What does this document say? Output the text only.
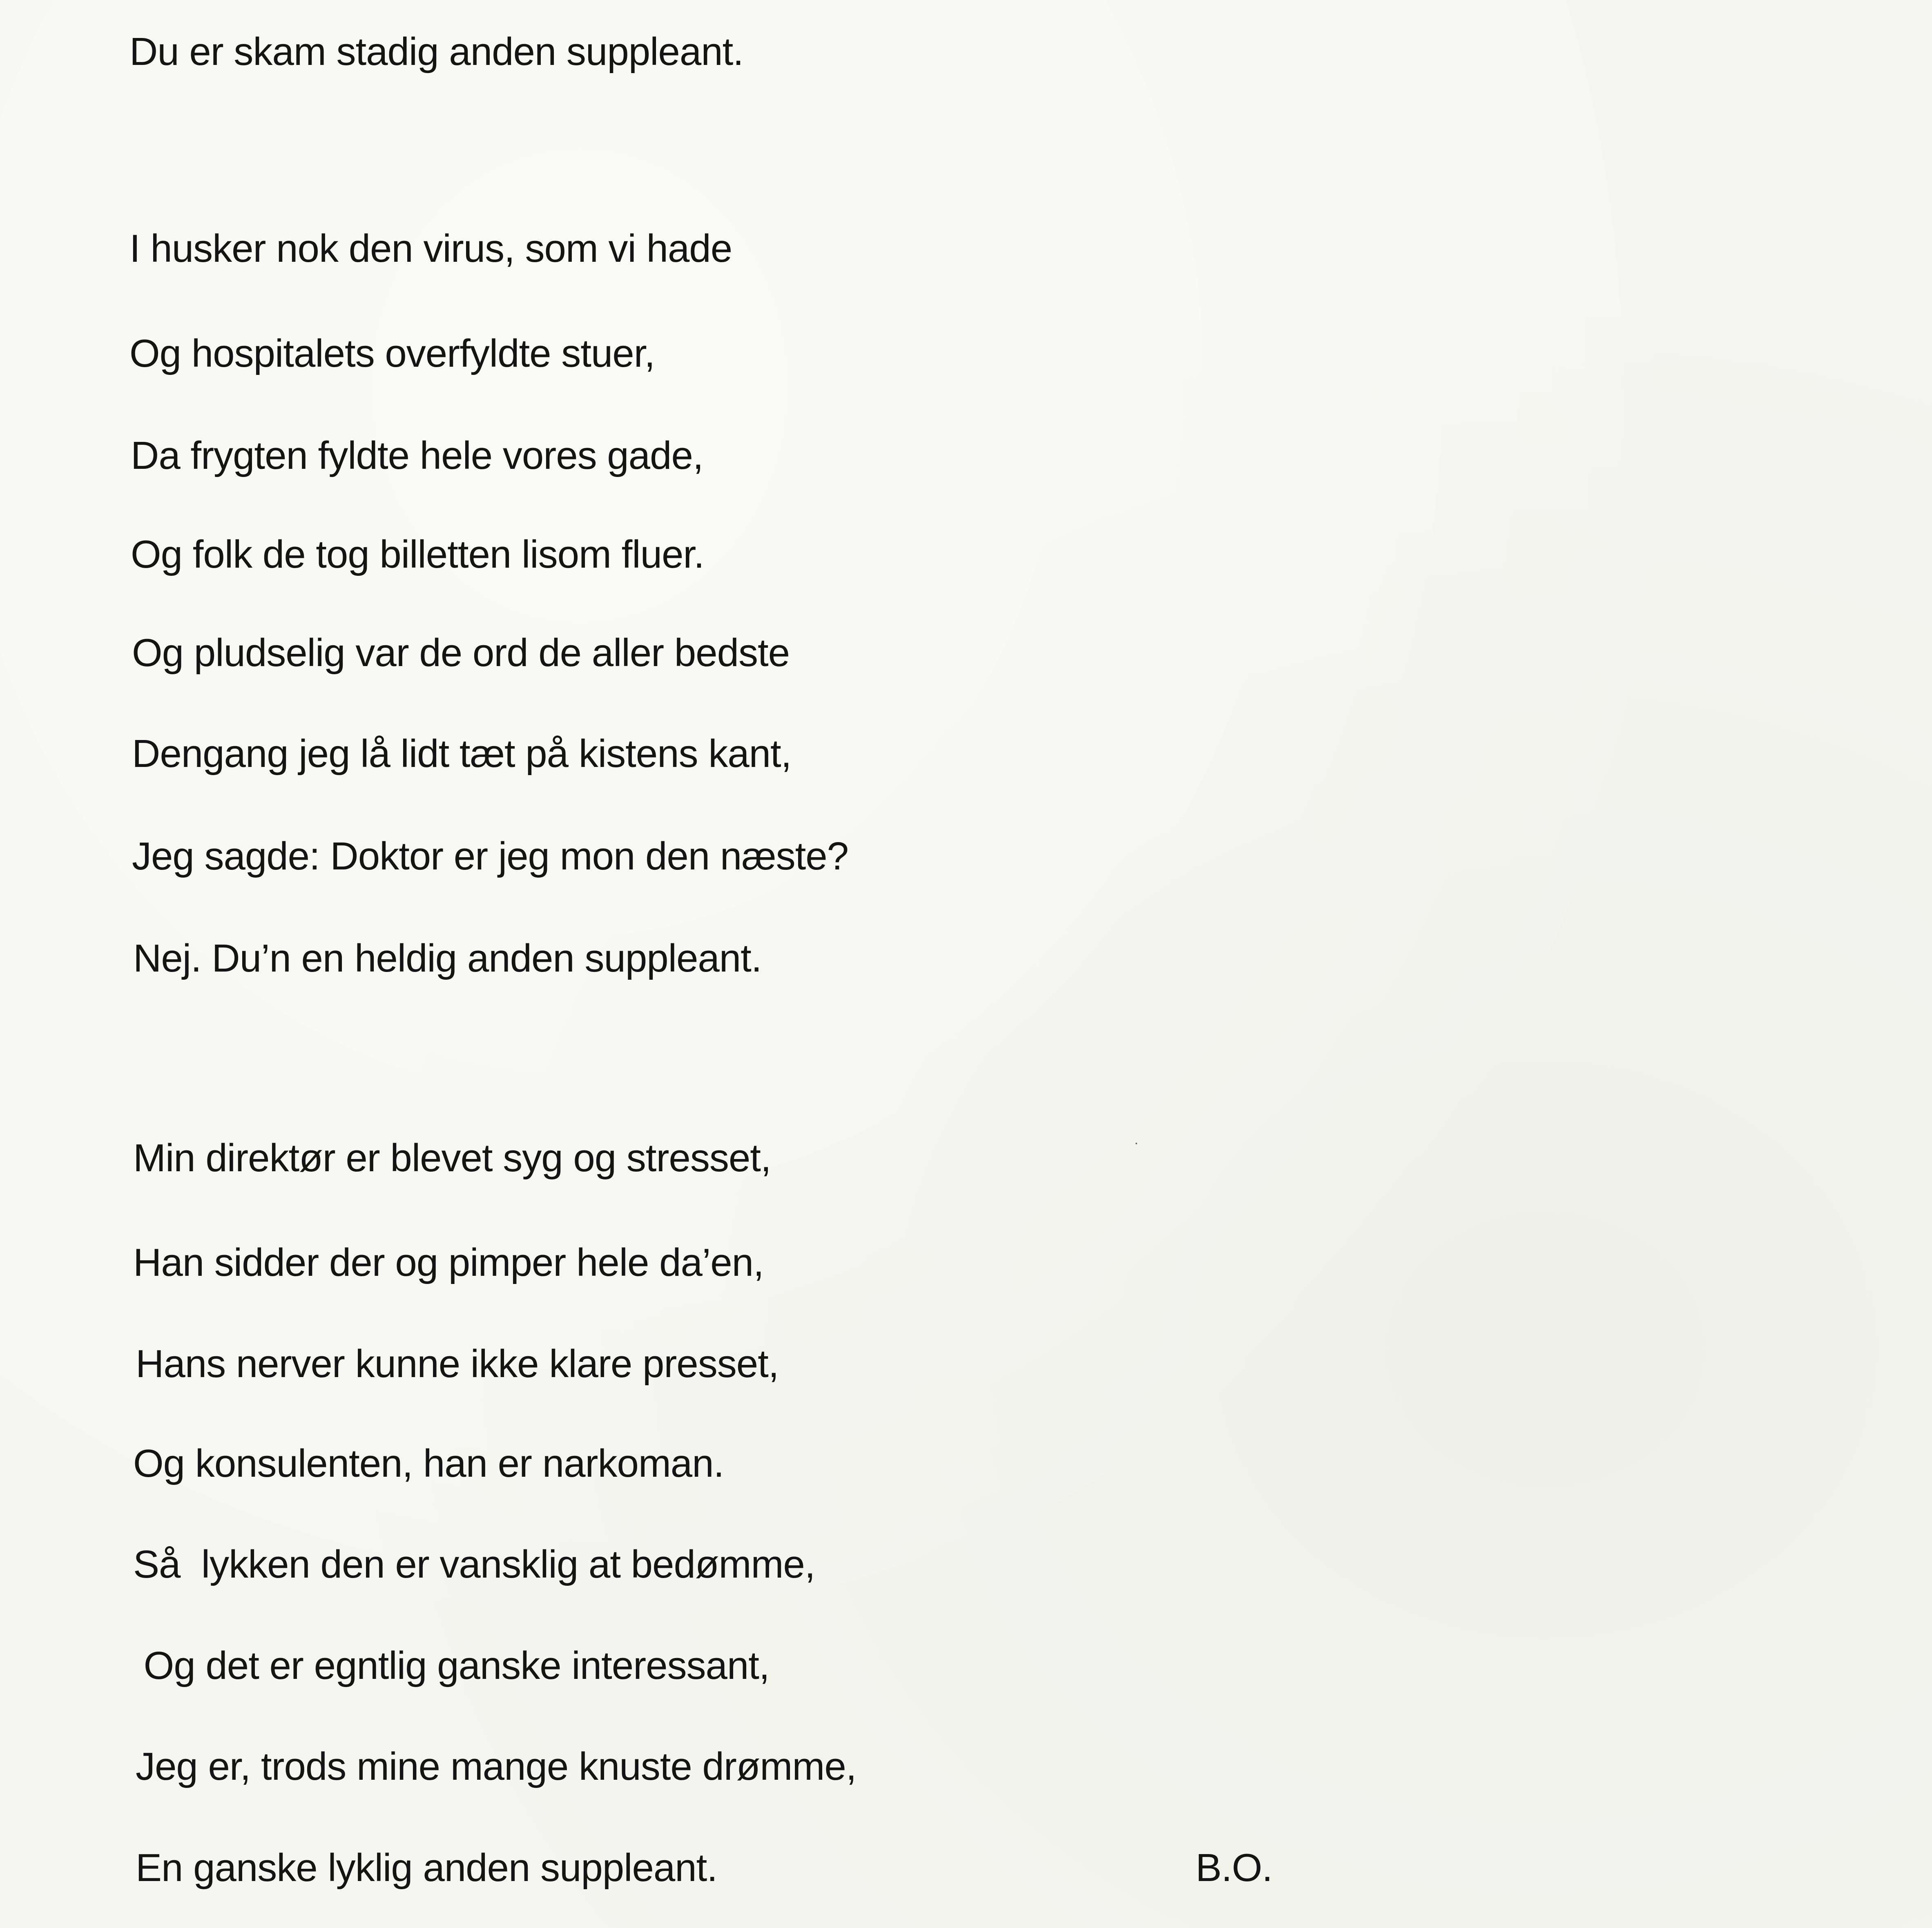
Du er skam stadig anden suppleant.
I husker nok den virus, som vi hade
Og hospitalets overfyldte stuer,
Da frygten fyldte hele vores gade,
Og folk de tog billetten lisom fluer.
Og pludselig var de ord de aller bedste
Dengang jeg lå lidt tæt på kistens kant,
Jeg sagde: Doktor er jeg mon den næste?
Nej. Du’n en heldig anden suppleant.
Min direktør er blevet syg og stresset,
Han sidder der og pimper hele da’en,
Hans nerver kunne ikke klare presset,
Og konsulenten, han er narkoman.
Så  lykken den er vansklig at bedømme,
Og det er egntlig ganske interessant,
Jeg er, trods mine mange knuste drømme,
En ganske lyklig anden suppleant.	B.O.
